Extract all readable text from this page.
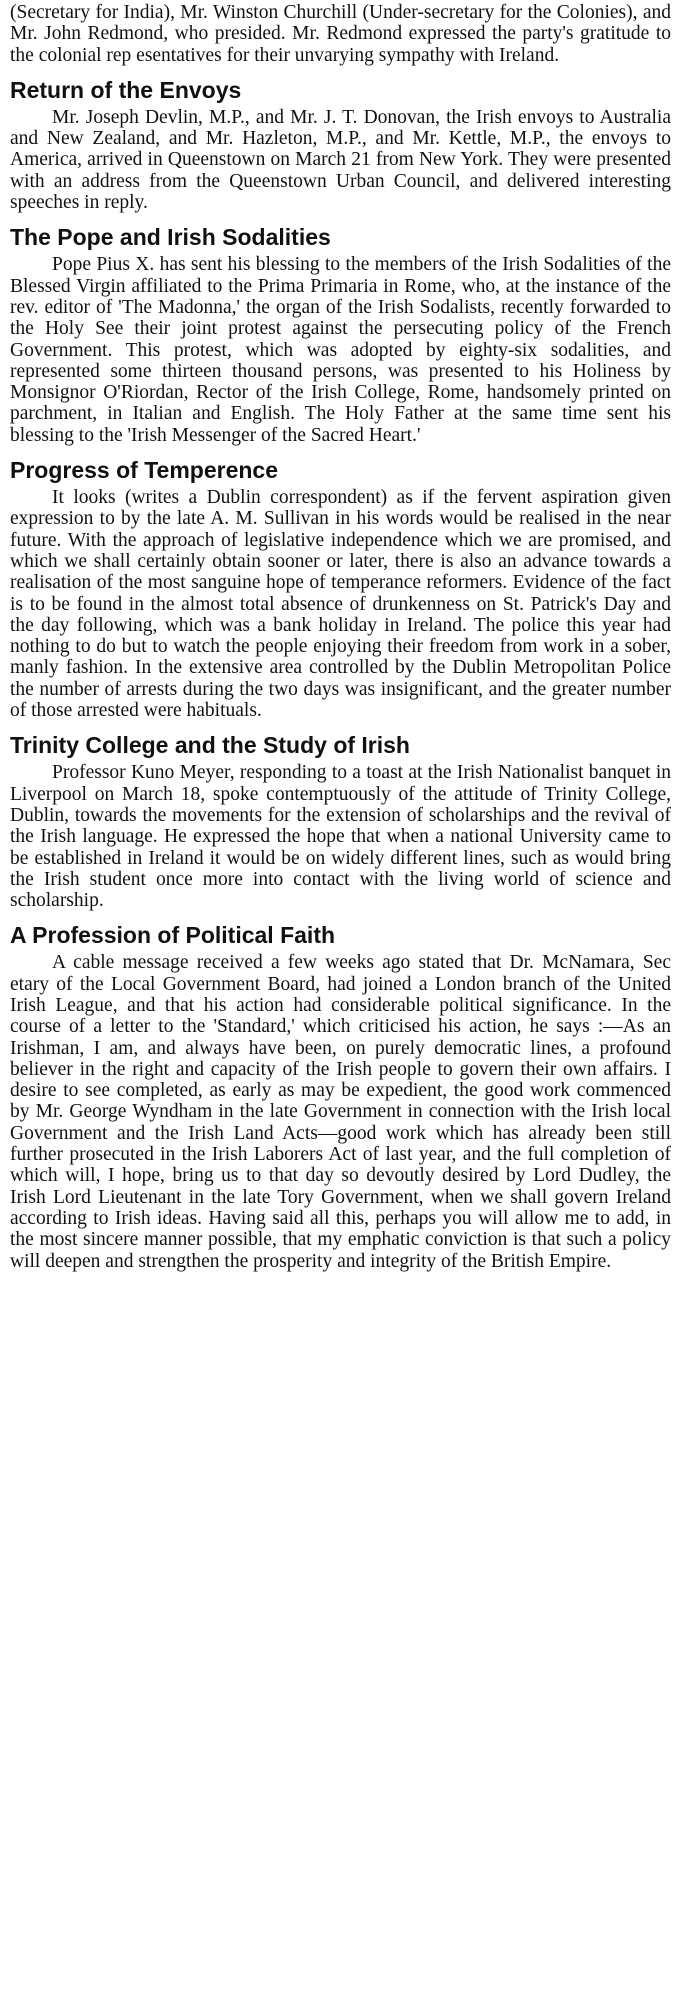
(Secretary for India), Mr. Winston Churchill (Under-secretary for the Colonies), and Mr. John Redmond, who presided. Mr. Redmond expressed the party's gratitude to the colonial rep esentatives for their unvarying sympathy with Ireland.

Return of the Envoys

Mr. Joseph Devlin, M.P., and Mr. J. T. Donovan, the Irish envoys to Australia and New Zealand, and Mr. Hazleton, M.P., and Mr. Kettle, M.P., the envoys to America, arrived in Queenstown on March 21 from New York. They were presented with an address from the Queenstown Urban Council, and delivered interesting speeches in reply.

The Pope and Irish Sodalities

Pope Pius X. has sent his blessing to the members of the Irish Sodalities of the Blessed Virgin affiliated to the Prima Primaria in Rome, who, at the instance of the rev. editor of 'The Madonna,' the organ of the Irish Sodalists, recently forwarded to the Holy See their joint protest against the persecuting policy of the French Government. This protest, which was adopted by eighty-six sodalities, and represented some thirteen thousand persons, was presented to his Holiness by Monsignor O'Riordan, Rector of the Irish College, Rome, handsomely printed on parchment, in Italian and English. The Holy Father at the same time sent his blessing to the 'Irish Messenger of the Sacred Heart.'

Progress of Temperence

It looks (writes a Dublin correspondent) as if the fervent aspiration given expression to by the late A. M. Sullivan in his words would be realised in the near future. With the approach of legislative independence which we are promised, and which we shall certainly obtain sooner or later, there is also an advance towards a realisation of the most sanguine hope of temperance reformers. Evidence of the fact is to be found in the almost total absence of drunkenness on St. Patrick's Day and the day following, which was a bank holiday in Ireland. The police this year had nothing to do but to watch the people enjoying their freedom from work in a sober, manly fashion. In the extensive area controlled by the Dublin Metropolitan Police the number of arrests during the two days was insignificant, and the greater number of those arrested were habituals.

Trinity College and the Study of Irish

Professor Kuno Meyer, responding to a toast at the Irish Nationalist banquet in Liverpool on March 18, spoke contemptuously of the attitude of Trinity College, Dublin, towards the movements for the extension of scholarships and the revival of the Irish language. He expressed the hope that when a national University came to be established in Ireland it would be on widely different lines, such as would bring the Irish student once more into contact with the living world of science and scholarship.

A Profession of Political Faith

A cable message received a few weeks ago stated that Dr. McNamara, Sec etary of the Local Government Board, had joined a London branch of the United Irish League, and that his action had considerable political significance. In the course of a letter to the 'Standard,' which criticised his action, he says :—As an Irishman, I am, and always have been, on purely democratic lines, a profound believer in the right and capacity of the Irish people to govern their own affairs. I desire to see completed, as early as may be expedient, the good work commenced by Mr. George Wyndham in the late Government in connection with the Irish local Government and the Irish Land Acts—good work which has already been still further prosecuted in the Irish Laborers Act of last year, and the full completion of which will, I hope, bring us to that day so devoutly desired by Lord Dudley, the Irish Lord Lieutenant in the late Tory Government, when we shall govern Ireland according to Irish ideas. Having said all this, perhaps you will allow me to add, in the most sincere manner possible, that my emphatic conviction is that such a policy will deepen and strengthen the prosperity and integrity of the British Empire.
